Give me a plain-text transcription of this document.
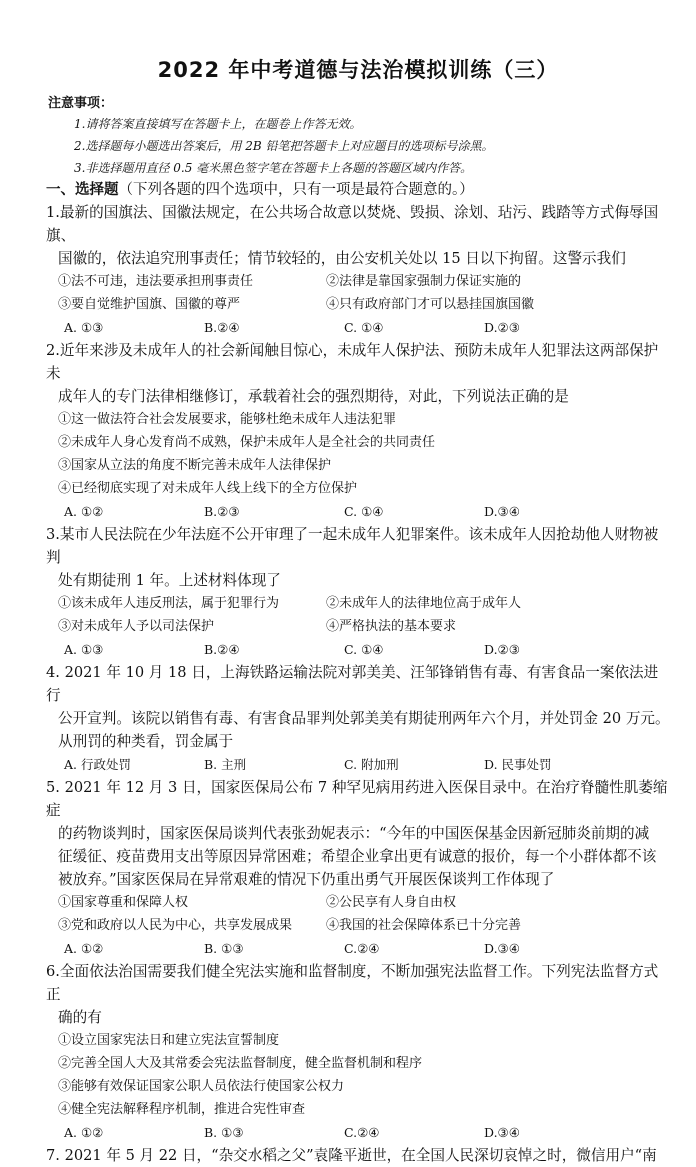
2022 年中考道德与法治模拟训练（三）
注意事项：
1.请将答案直接填写在答题卡上，在题卷上作答无效。
2.选择题每小题选出答案后，用 2B 铅笔把答题卡上对应题目的选项标号涂黑。
3.非选择题用直径 0.5 毫米黑色签字笔在答题卡上各题的答题区域内作答。
一、选择题（下列各题的四个选项中，只有一项是最符合题意的。）
1.最新的国旗法、国徽法规定，在公共场合故意以焚烧、毁损、涂划、玷污、践踏等方式侮辱国旗、
国徽的，依法追究刑事责任；情节较轻的，由公安机关处以 15 日以下拘留。这警示我们
①法不可违，违法要承担刑事责任	②法律是靠国家强制力保证实施的
③要自觉维护国旗、国徽的尊严	④只有政府部门才可以悬挂国旗国徽
A. ①③	B.②④	C. ①④	D.②③
2.近年来涉及未成年人的社会新闻触目惊心，未成年人保护法、预防未成年人犯罪法这两部保护未
成年人的专门法律相继修订，承载着社会的强烈期待，对此，下列说法正确的是
①这一做法符合社会发展要求，能够杜绝未成年人违法犯罪
②未成年人身心发育尚不成熟，保护未成年人是全社会的共同责任
③国家从立法的角度不断完善未成年人法律保护
④已经彻底实现了对未成年人线上线下的全方位保护
A. ①②	B.②③	C. ①④	D.③④
3.某市人民法院在少年法庭不公开审理了一起未成年人犯罪案件。该未成年人因抢劫他人财物被判
处有期徒刑 1 年。上述材料体现了
①该未成年人违反刑法，属于犯罪行为	②未成年人的法律地位高于成年人
③对未成年人予以司法保护	④严格执法的基本要求
A. ①③	B.②④	C. ①④	D.②③
4. 2021 年 10 月 18 日，上海铁路运输法院对郭美美、汪邹锋销售有毒、有害食品一案依法进行
公开宣判。该院以销售有毒、有害食品罪判处郭美美有期徒刑两年六个月，并处罚金 20 万元。
从刑罚的种类看，罚金属于
A. 行政处罚	B. 主刑	C. 附加刑	D. 民事处罚
5. 2021 年 12 月 3 日，国家医保局公布 7 种罕见病用药进入医保目录中。在治疗脊髓性肌萎缩症
的药物谈判时，国家医保局谈判代表张劲妮表示：“今年的中国医保基金因新冠肺炎前期的减
征缓征、疫苗费用支出等原因异常困难；希望企业拿出更有诚意的报价，每一个小群体都不该
被放弃。”国家医保局在异常艰难的情况下仍重出勇气开展医保谈判工作体现了
①国家尊重和保障人权	②公民享有人身自由权
③党和政府以人民为中心，共享发展成果	④我国的社会保障体系已十分完善
A. ①②	B. ①③	C.②④	D.③④
6.全面依法治国需要我们健全宪法实施和监督制度，不断加强宪法监督工作。下列宪法监督方式正
确的有
①设立国家宪法日和建立宪法宣誓制度
②完善全国人大及其常委会宪法监督制度，健全监督机制和程序
③能够有效保证国家公职人员依法行使国家公权力
④健全宪法解释程序机制，推进合宪性审查
A. ①②	B. ①③	C.②④	D.③④
7. 2021 年 5 月 22 日，“杂交水稻之父”袁隆平逝世，在全国人民深切哀悼之时，微信用户“南
